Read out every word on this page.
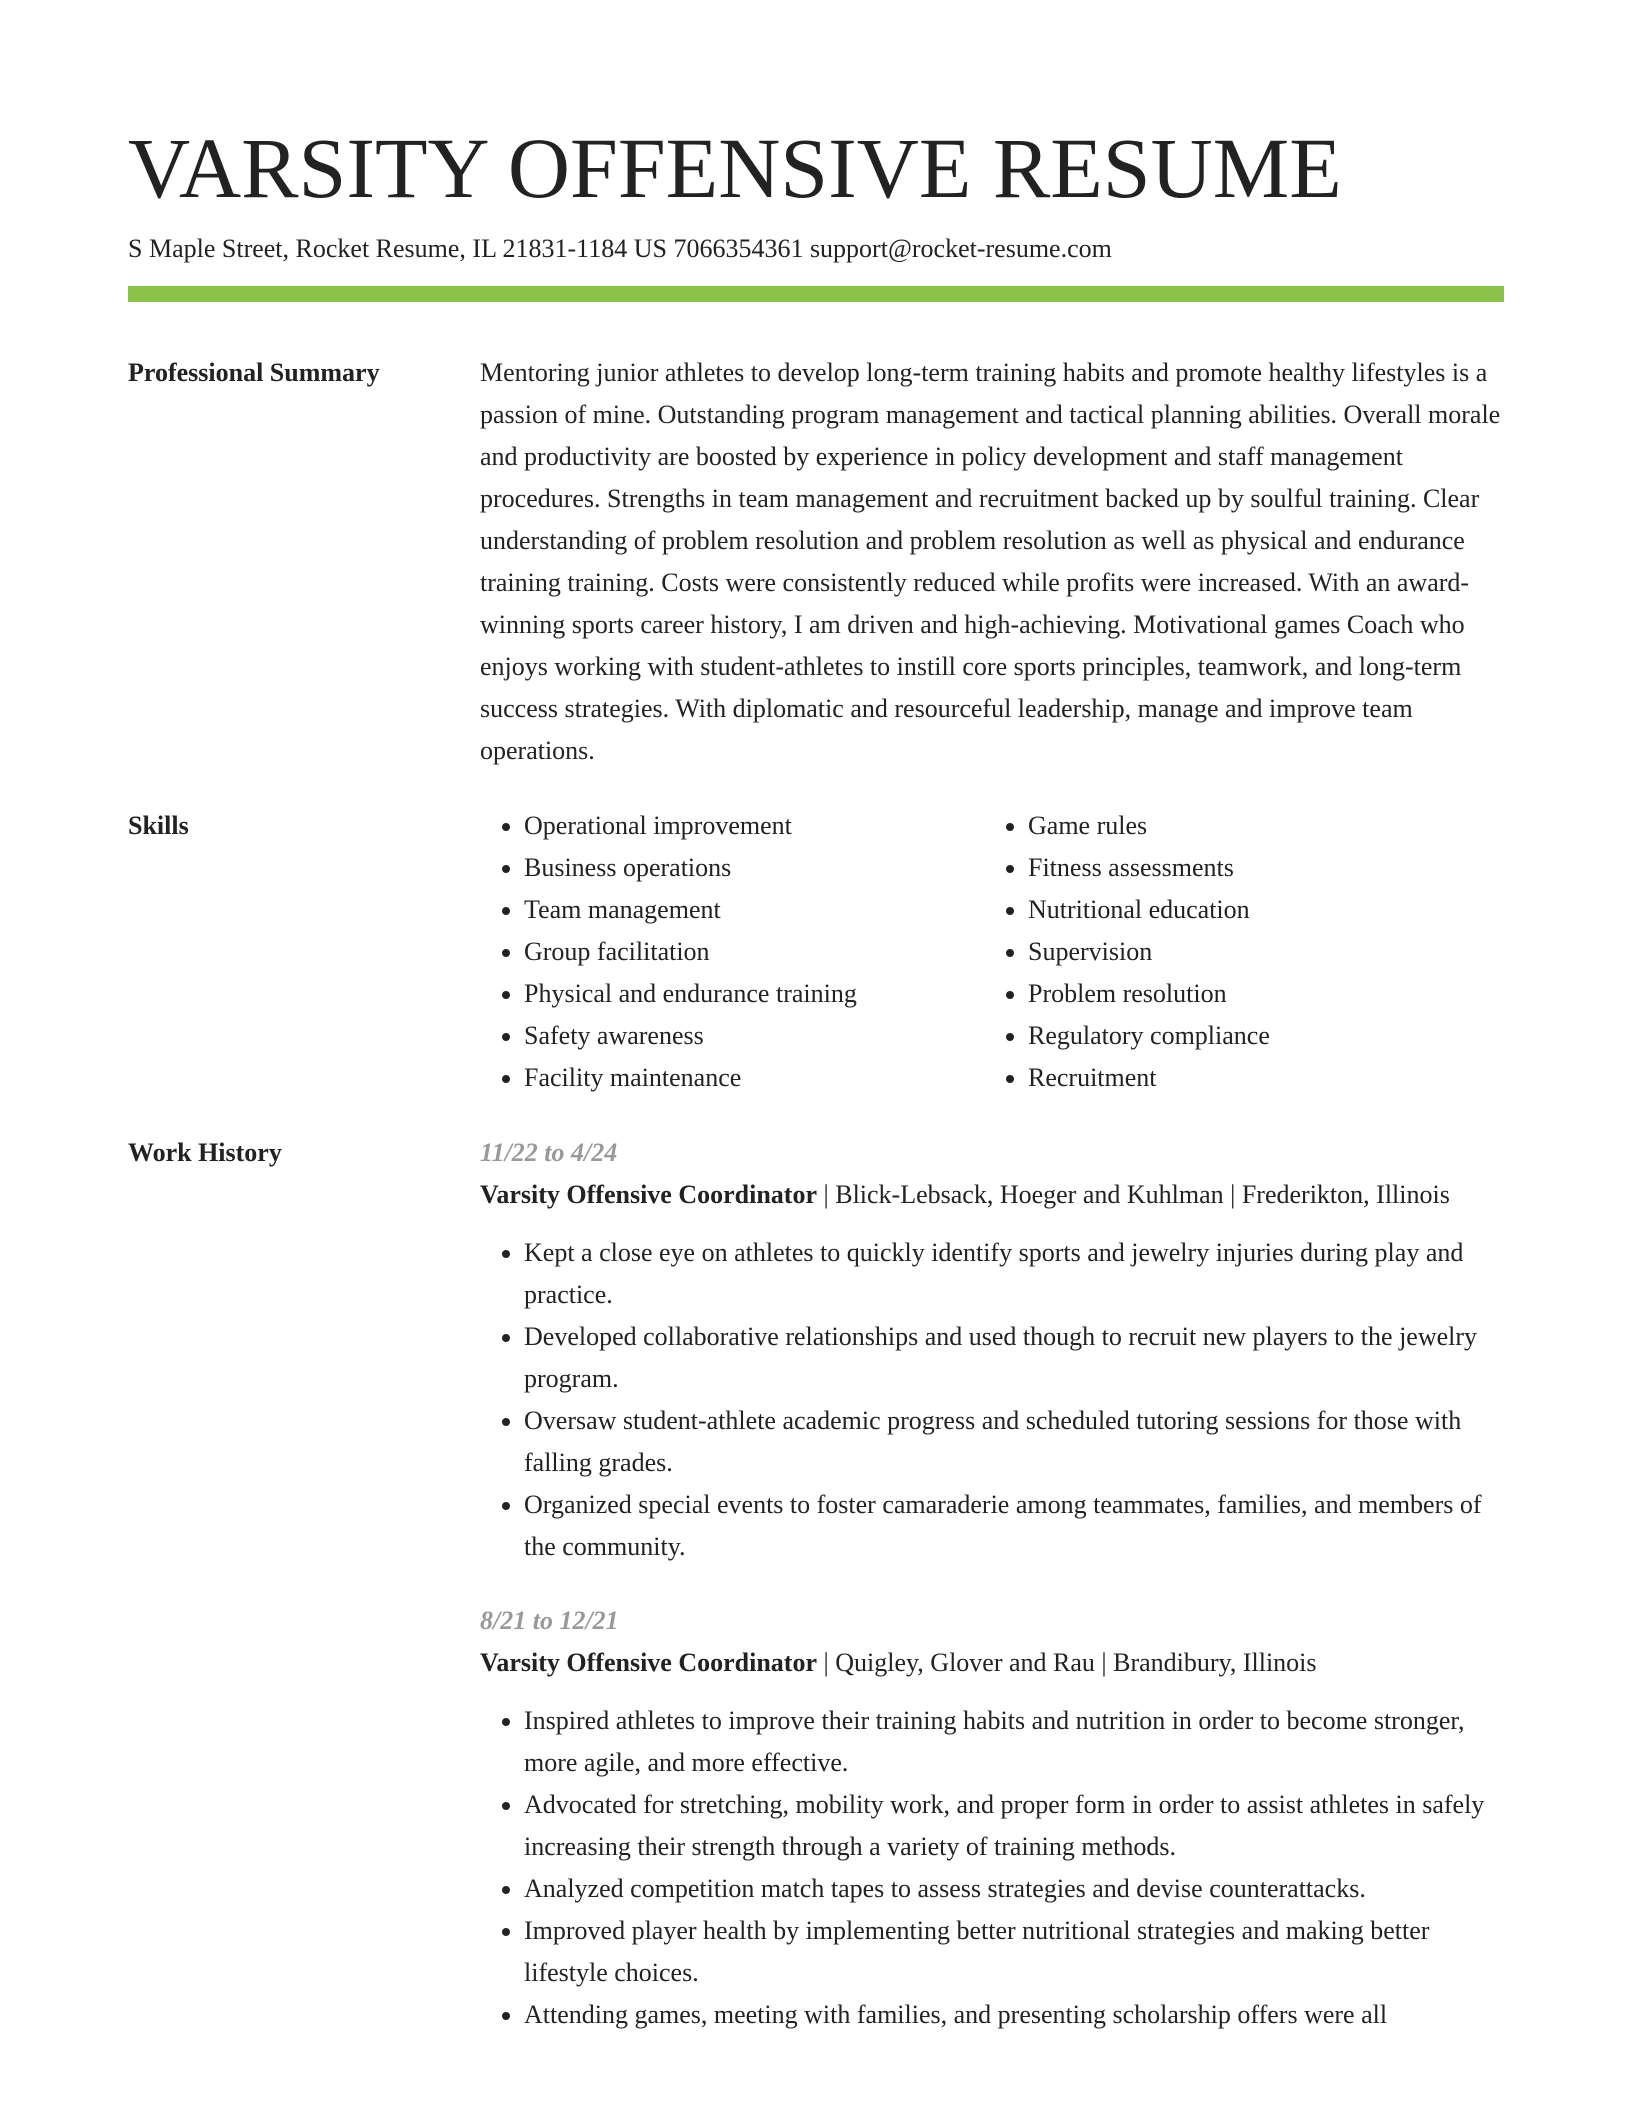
VARSITY OFFENSIVE RESUME
S Maple Street, Rocket Resume, IL 21831-1184 US 7066354361 support@rocket-resume.com
Professional Summary	Mentoring junior athletes to develop long-term training habits and promote healthy lifestyles is a passion of mine. Outstanding program management and tactical planning abilities. Overall morale and productivity are boosted by experience in policy development and staff management procedures. Strengths in team management and recruitment backed up by soulful training. Clear understanding of problem resolution and problem resolution as well as physical and endurance training training. Costs were consistently reduced while profits were increased. With an award-winning sports career history, I am driven and high-achieving. Motivational games Coach who enjoys working with student-athletes to instill core sports principles, teamwork, and long-term success strategies. With diplomatic and resourceful leadership, manage and improve team operations.
Skills
•	Operational improvement
• Business operations
• Team management
• Group facilitation
• Physical and endurance training
• Safety awareness
• Facility maintenance
• Game rules
• Fitness assessments
• Nutritional education
• Supervision
• Problem resolution
• Regulatory compliance
• Recruitment
Work History	11/22 to 4/24
Varsity Offensive Coordinator | Blick-Lebsack, Hoeger and Kuhlman | Frederikton, Illinois
• Kept a close eye on athletes to quickly identify sports and jewelry injuries during play and practice.
• Developed collaborative relationships and used though to recruit new players to the jewelry program.
• Oversaw student-athlete academic progress and scheduled tutoring sessions for those with falling grades.
• Organized special events to foster camaraderie among teammates, families, and members of the community.
8/21 to 12/21
Varsity Offensive Coordinator | Quigley, Glover and Rau | Brandibury, Illinois
• Inspired athletes to improve their training habits and nutrition in order to become stronger, more agile, and more effective.
• Advocated for stretching, mobility work, and proper form in order to assist athletes in safely increasing their strength through a variety of training methods.
• Analyzed competition match tapes to assess strategies and devise counterattacks.
• Improved player health by implementing better nutritional strategies and making better lifestyle choices.
• Attending games, meeting with families, and presenting scholarship offers were all
